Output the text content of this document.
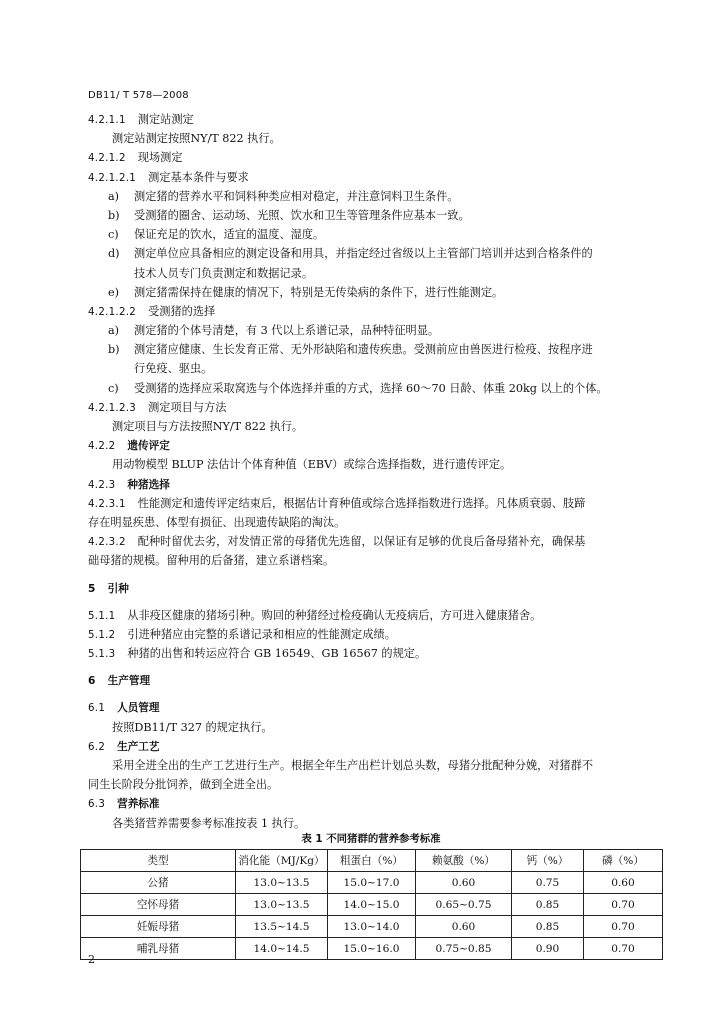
DB11/ T 578—2008
4.2.1.1 测定站测定
测定站测定按照NY/T 822 执行。
4.2.1.2 现场测定
4.2.1.2.1 测定基本条件与要求
a) 测定猪的营养水平和饲料种类应相对稳定，并注意饲料卫生条件。
b) 受测猪的圈舍、运动场、光照、饮水和卫生等管理条件应基本一致。
c) 保证充足的饮水，适宜的温度、湿度。
d) 测定单位应具备相应的测定设备和用具，并指定经过省级以上主管部门培训并达到合格条件的
技术人员专门负责测定和数据记录。
e) 测定猪需保持在健康的情况下，特别是无传染病的条件下，进行性能测定。
4.2.1.2.2 受测猪的选择
a) 测定猪的个体号清楚，有 3 代以上系谱记录，品种特征明显。
b) 测定猪应健康、生长发育正常、无外形缺陷和遗传疾患。受测前应由兽医进行检疫、按程序进
行免疫、驱虫。
c) 受测猪的选择应采取窝选与个体选择并重的方式，选择 60～70 日龄、体重 20kg 以上的个体。
4.2.1.2.3 测定项目与方法
测定项目与方法按照NY/T 822 执行。
4.2.2 遗传评定
用动物模型 BLUP 法估计个体育种值（EBV）或综合选择指数，进行遗传评定。
4.2.3 种猪选择
4.2.3.1 性能测定和遗传评定结束后，根据估计育种值或综合选择指数进行选择。凡体质衰弱、肢蹄
存在明显疾患、体型有损征、出现遗传缺陷的淘汰。
4.2.3.2 配种时留优去劣，对发情正常的母猪优先选留，以保证有足够的优良后备母猪补充，确保基
础母猪的规模。留种用的后备猪，建立系谱档案。
5 引种
5.1.1 从非疫区健康的猪场引种。购回的种猪经过检疫确认无疫病后，方可进入健康猪舍。
5.1.2 引进种猪应由完整的系谱记录和相应的性能测定成绩。
5.1.3 种猪的出售和转运应符合 GB 16549、GB 16567 的规定。
6 生产管理
6.1 人员管理
按照DB11/T 327 的规定执行。
6.2 生产工艺
采用全进全出的生产工艺进行生产。根据全年生产出栏计划总头数，母猪分批配种分娩，对猪群不
同生长阶段分批饲养，做到全进全出。
6.3 营养标准
各类猪营养需要参考标准按表 1 执行。
表 1 不同猪群的营养参考标准
类型	消化能（MJ/Kg）	粗蛋白（%）	赖氨酸（%）	钙（%）	磷（%）
公猪	13.0~13.5	15.0~17.0	0.60	0.75	0.60
空怀母猪	13.0~13.5	14.0~15.0	0.65~0.75	0.85	0.70
妊娠母猪	13.5~14.5	13.0~14.0	0.60	0.85	0.70
哺乳母猪	14.0~14.5	15.0~16.0	0.75~0.85	0.90	0.70
2
